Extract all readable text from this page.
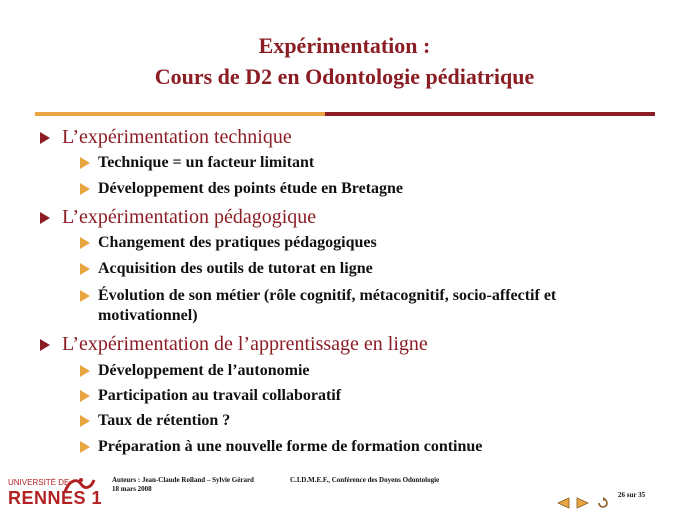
Expérimentation :
Cours de D2 en Odontologie pédiatrique
L’expérimentation technique
Technique = un facteur limitant
Développement des points étude en Bretagne
L’expérimentation pédagogique
Changement des pratiques pédagogiques
Acquisition des outils de tutorat en ligne
Évolution de son métier (rôle cognitif, métacognitif, socio-affectif et motivationnel)
L’expérimentation de l’apprentissage en ligne
Développement de l’autonomie
Participation au travail collaboratif
Taux de rétention ?
Préparation à une nouvelle forme de formation continue
UNIVERSITÉ DE
RENNES 1
Auteurs : Jean-Claude Rolland – Sylvie Gérard
18 mars 2008
C.I.D.M.E.F., Conférence des Doyens Odontologie
26 sur 35
